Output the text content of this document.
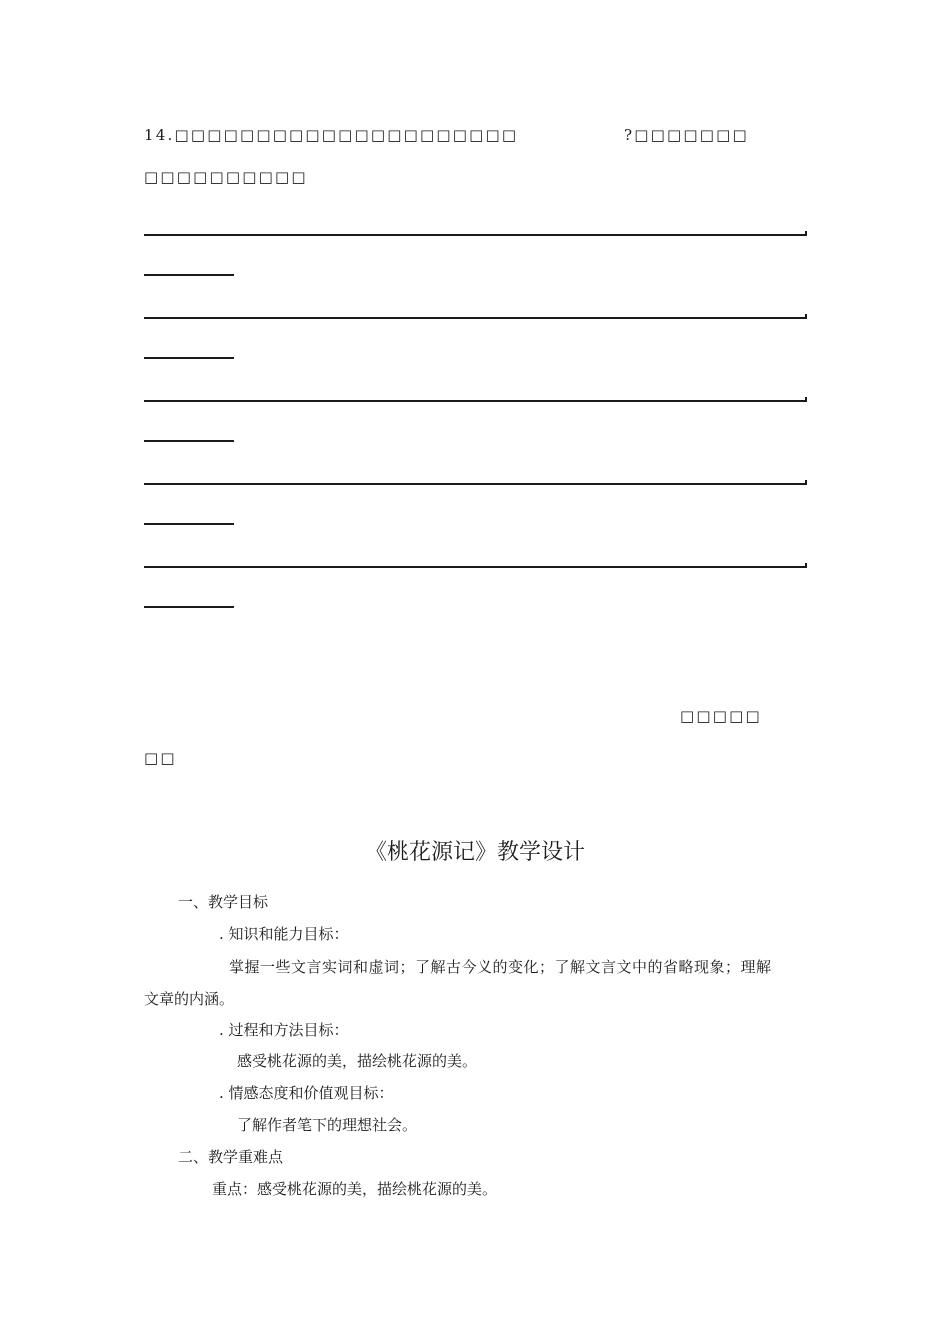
14.□□□□□□□□□□□□□□□□□□□□□	?□□□□□□□
□□□□□□□□□□
□□□□□
□□
《桃花源记》教学设计
一、教学目标
. 知识和能力目标：
掌握一些文言实词和虚词；了解古今义的变化；了解文言文中的省略现象；理解
文章的内涵。
. 过程和方法目标：
感受桃花源的美，描绘桃花源的美。
. 情感态度和价值观目标：
了解作者笔下的理想社会。
二、教学重难点
重点：感受桃花源的美，描绘桃花源的美。
